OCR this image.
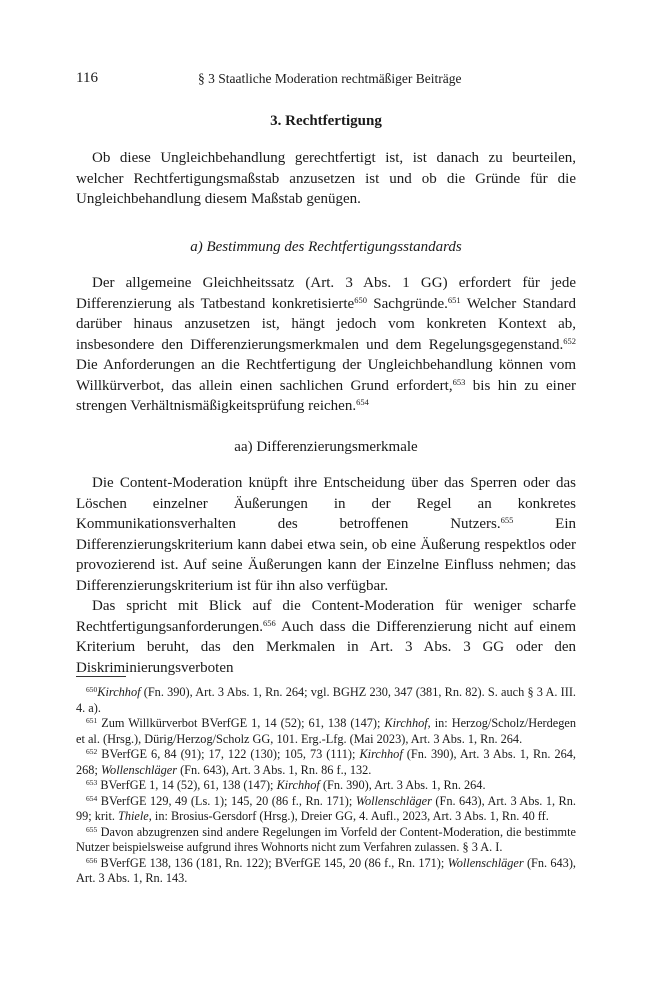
116	§ 3 Staatliche Moderation rechtmäßiger Beiträge
3. Rechtfertigung

Ob diese Ungleichbehandlung gerechtfertigt ist, ist danach zu beurteilen, welcher Rechtfertigungsmaßstab anzusetzen ist und ob die Gründe für die Ungleichbehandlung diesem Maßstab genügen.

a) Bestimmung des Rechtfertigungsstandards

Der allgemeine Gleichheitssatz (Art. 3 Abs. 1 GG) erfordert für jede Differenzierung als Tatbestand konkretisierte$^{650}$ Sachgründe.$^{651}$ Welcher Standard darüber hinaus anzusetzen ist, hängt jedoch vom konkreten Kontext ab, insbesondere den Differenzierungsmerkmalen und dem Regelungsgegenstand.$^{652}$ Die Anforderungen an die Rechtfertigung der Ungleichbehandlung können vom Willkürverbot, das allein einen sachlichen Grund erfordert,$^{653}$ bis hin zu einer strengen Verhältnismäßigkeitsprüfung reichen.$^{654}$

aa) Differenzierungsmerkmale

Die Content-Moderation knüpft ihre Entscheidung über das Sperren oder das Löschen einzelner Äußerungen in der Regel an konkretes Kommunikationsverhalten des betroffenen Nutzers.$^{655}$ Ein Differenzierungskriterium kann dabei etwa sein, ob eine Äußerung respektlos oder provozierend ist. Auf seine Äußerungen kann der Einzelne Einfluss nehmen; das Differenzierungskriterium ist für ihn also verfügbar.

Das spricht mit Blick auf die Content-Moderation für weniger scharfe Rechtfertigungsanforderungen.$^{656}$ Auch dass die Differenzierung nicht auf einem Kriterium beruht, das den Merkmalen in Art. 3 Abs. 3 GG oder den Diskriminierungsverboten

$^{650}$Kirchhof (Fn. 390), Art. 3 Abs. 1, Rn. 264; vgl. BGHZ 230, 347 (381, Rn. 82). S. auch § 3 A. III. 4. a).

$^{651}$ Zum Willkürverbot BVerfGE 1, 14 (52); 61, 138 (147); Kirchhof, in: Herzog/Scholz/Herdegen et al. (Hrsg.), Dürig/Herzog/Scholz GG, 101. Erg.-Lfg. (Mai 2023), Art. 3 Abs. 1, Rn. 264.

$^{652}$ BVerfGE 6, 84 (91); 17, 122 (130); 105, 73 (111); Kirchhof (Fn. 390), Art. 3 Abs. 1, Rn. 264, 268; Wollenschläger (Fn. 643), Art. 3 Abs. 1, Rn. 86 f., 132.

$^{653}$ BVerfGE 1, 14 (52), 61, 138 (147); Kirchhof (Fn. 390), Art. 3 Abs. 1, Rn. 264.

$^{654}$ BVerfGE 129, 49 (Ls. 1); 145, 20 (86 f., Rn. 171); Wollenschläger (Fn. 643), Art. 3 Abs. 1, Rn. 99; krit. Thiele, in: Brosius-Gersdorf (Hrsg.), Dreier GG, 4. Aufl., 2023, Art. 3 Abs. 1, Rn. 40 ff.

$^{655}$ Davon abzugrenzen sind andere Regelungen im Vorfeld der Content-Moderation, die bestimmte Nutzer beispielsweise aufgrund ihres Wohnorts nicht zum Verfahren zulassen. § 3 A. I.

$^{656}$ BVerfGE 138, 136 (181, Rn. 122); BVerfGE 145, 20 (86 f., Rn. 171); Wollenschläger (Fn. 643), Art. 3 Abs. 1, Rn. 143.
